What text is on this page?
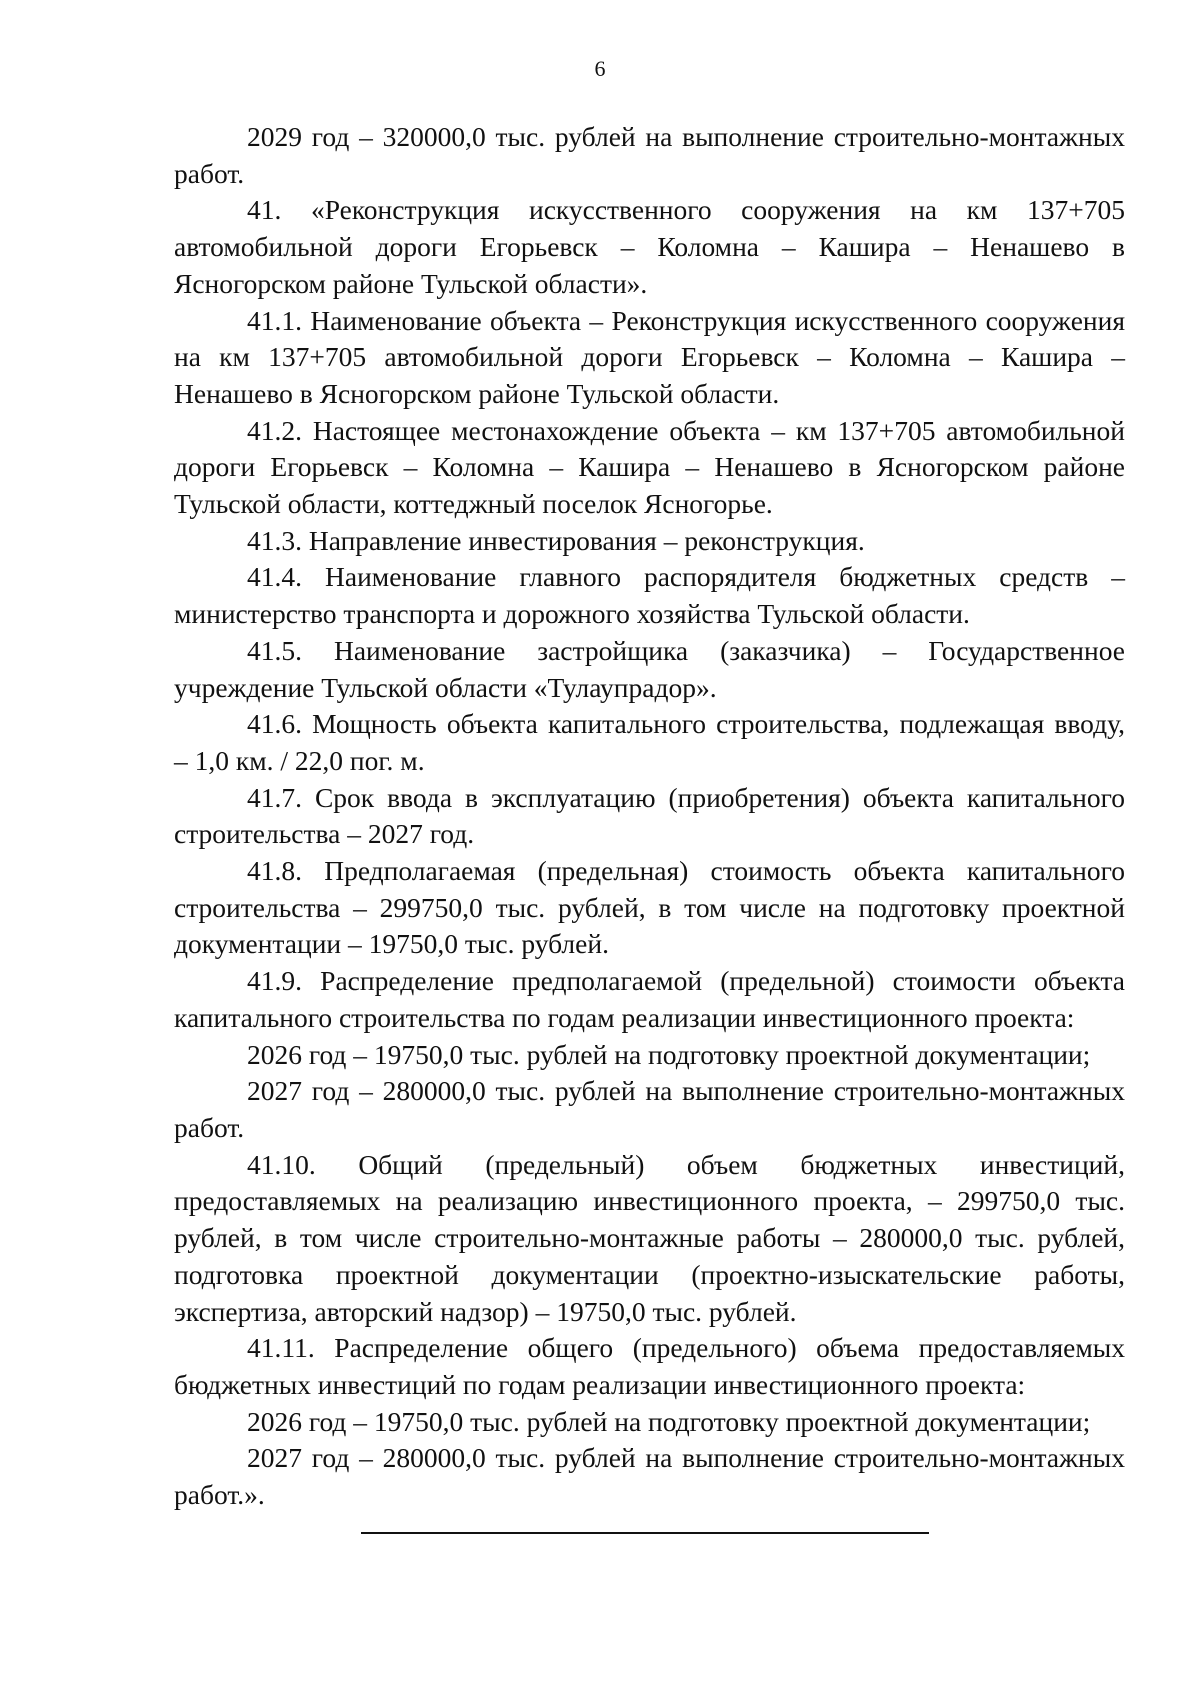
6

2029 год – 320000,0 тыс. рублей на выполнение строительно-монтажных работ.

41. «Реконструкция искусственного сооружения на км 137+705 автомобильной дороги Егорьевск – Коломна – Кашира – Ненашево в Ясногорском районе Тульской области».

41.1. Наименование объекта – Реконструкция искусственного сооружения на км 137+705 автомобильной дороги Егорьевск – Коломна – Кашира – Ненашево в Ясногорском районе Тульской области.

41.2. Настоящее местонахождение объекта – км 137+705 автомобильной дороги Егорьевск – Коломна – Кашира – Ненашево в Ясногорском районе Тульской области, коттеджный поселок Ясногорье.

41.3. Направление инвестирования – реконструкция.

41.4. Наименование главного распорядителя бюджетных средств – министерство транспорта и дорожного хозяйства Тульской области.

41.5. Наименование застройщика (заказчика) – Государственное учреждение Тульской области «Тулаупрадор».

41.6. Мощность объекта капитального строительства, подлежащая вводу, – 1,0 км. / 22,0 пог. м.

41.7. Срок ввода в эксплуатацию (приобретения) объекта капитального строительства – 2027 год.

41.8. Предполагаемая (предельная) стоимость объекта капитального строительства – 299750,0 тыс. рублей, в том числе на подготовку проектной документации – 19750,0 тыс. рублей.

41.9. Распределение предполагаемой (предельной) стоимости объекта капитального строительства по годам реализации инвестиционного проекта:

2026 год – 19750,0 тыс. рублей на подготовку проектной документации;

2027 год – 280000,0 тыс. рублей на выполнение строительно-монтажных работ.

41.10. Общий (предельный) объем бюджетных инвестиций, предоставляемых на реализацию инвестиционного проекта, – 299750,0 тыс. рублей, в том числе строительно-монтажные работы – 280000,0 тыс. рублей, подготовка проектной документации (проектно-изыскательские работы, экспертиза, авторский надзор) – 19750,0 тыс. рублей.

41.11. Распределение общего (предельного) объема предоставляемых бюджетных инвестиций по годам реализации инвестиционного проекта:

2026 год – 19750,0 тыс. рублей на подготовку проектной документации;

2027 год – 280000,0 тыс. рублей на выполнение строительно-монтажных работ.».
